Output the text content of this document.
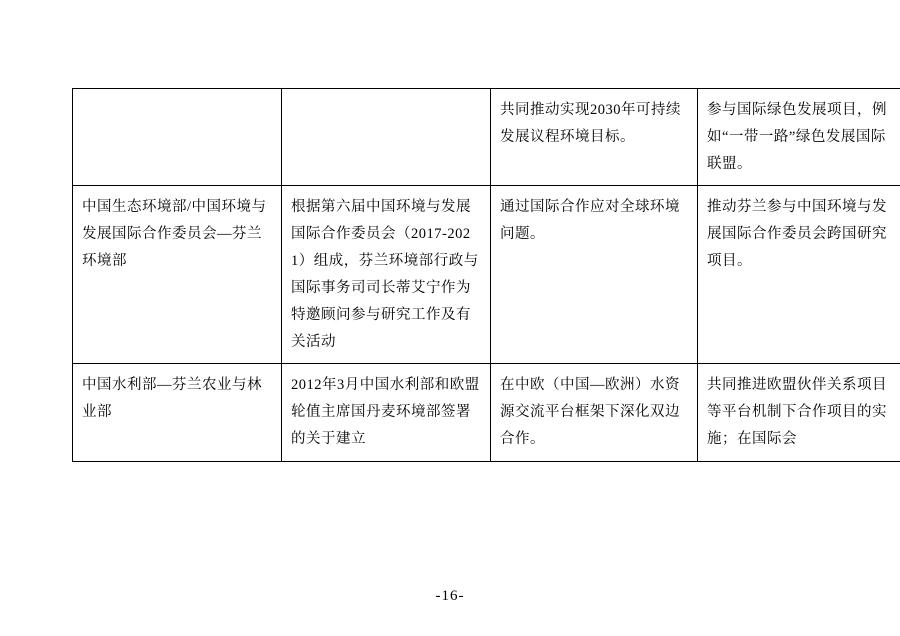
		共同推动实现2030年可持续发展议程环境目标。	参与国际绿色发展项目，例如“一带一路”绿色发展国际联盟。

中国生态环境部/中国环境与发展国际合作委员会—芬兰环境部	根据第六届中国环境与发展国际合作委员会（2017-2021）组成，芬兰环境部行政与国际事务司司长蒂艾宁作为特邀顾问参与研究工作及有关活动	通过国际合作应对全球环境问题。	推动芬兰参与中国环境与发展国际合作委员会跨国研究项目。

中国水利部—芬兰农业与林业部	2012年3月中国水利部和欧盟轮值主席国丹麦环境部签署的关于建立	在中欧（中国—欧洲）水资源交流平台框架下深化双边合作。	共同推进欧盟伙伴关系项目等平台机制下合作项目的实施；在国际会
-16-
